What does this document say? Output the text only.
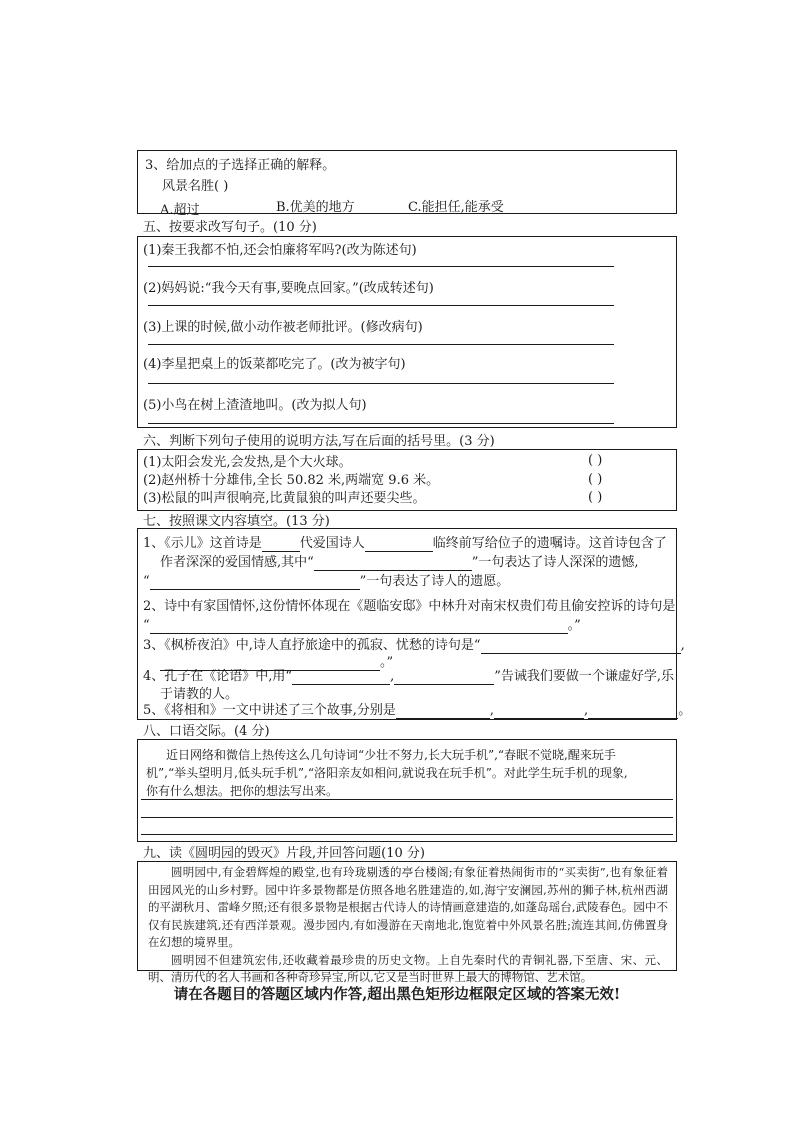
3、给加点的子选择正确的解释。
风景名胜( )
A.超过	B.优美的地方	C.能担任,能承受
五、按要求改写句子。(10 分)
(1)秦王我都不怕,还会怕廉将军吗?(改为陈述句)
(2)妈妈说:“我今天有事,要晚点回家。”(改成转述句)
(3)上课的时候,做小动作被老师批评。(修改病句)
(4)李星把桌上的饭菜都吃完了。(改为被字句)
(5)小鸟在树上渣渣地叫。(改为拟人句)
六、判断下列句子使用的说明方法,写在后面的括号里。(3 分)
(1)太阳会发光,会发热,是个大火球。	( )
(2)赵州桥十分雄伟,全长 50.82 米,两端宽 9.6 米。	( )
(3)松鼠的叫声很响亮,比黄鼠狼的叫声还要尖些。	( )
七、按照课文内容填空。(13 分)
1、《示儿》这首诗是	代爱国诗人	临终前写给位子的遗嘱诗。这首诗包含了
作者深深的爱国情感,其中“	”一句表达了诗人深深的遗憾,
“	”一句表达了诗人的遗愿。
2、诗中有家国情怀,这份情怀体现在《题临安邸》中林升对南宋权贵们苟且偷安控诉的诗句是
“	。”
3、《枫桥夜泊》中,诗人直抒旅途中的孤寂、忧愁的诗句是“	,
。”
4、孔子在《论语》中,用“	,	”告诫我们要做一个谦虚好学,乐
于请教的人。
5、《将相和》一文中讲述了三个故事,分别是	,	,	。
八、口语交际。(4 分)
近日网络和微信上热传这么几句诗词“少壮不努力,长大玩手机”,“春眠不觉晓,醒来玩手
机”,“举头望明月,低头玩手机”,“洛阳亲友如相问,就说我在玩手机”。对此学生玩手机的现象,
你有什么想法。把你的想法写出来。
九、读《圆明园的毁灭》片段,并回答问题(10 分)

圆明园中,有金碧辉煌的殿堂,也有玲珑剔透的亭台楼阁;有象征着热闹街市的“买卖街”,也有象征着田园风光的山乡村野。园中许多景物都是仿照各地名胜建造的,如,海宁安澜园,苏州的狮子林,杭州西湖的平湖秋月、雷峰夕照;还有很多景物是根据古代诗人的诗情画意建造的,如蓬岛瑶台,武陵春色。园中不仅有民族建筑,还有西洋景观。漫步园内,有如漫游在天南地北,饱览着中外风景名胜;流连其间,仿佛置身在幻想的境界里。

圆明园不但建筑宏伟,还收藏着最珍贵的历史文物。上自先秦时代的青铜礼器,下至唐、宋、元、明、清历代的名人书画和各种奇珍异宝,所以,它又是当时世界上最大的博物馆、艺术馆。

请在各题目的答题区域内作答,超出黑色矩形边框限定区域的答案无效!
